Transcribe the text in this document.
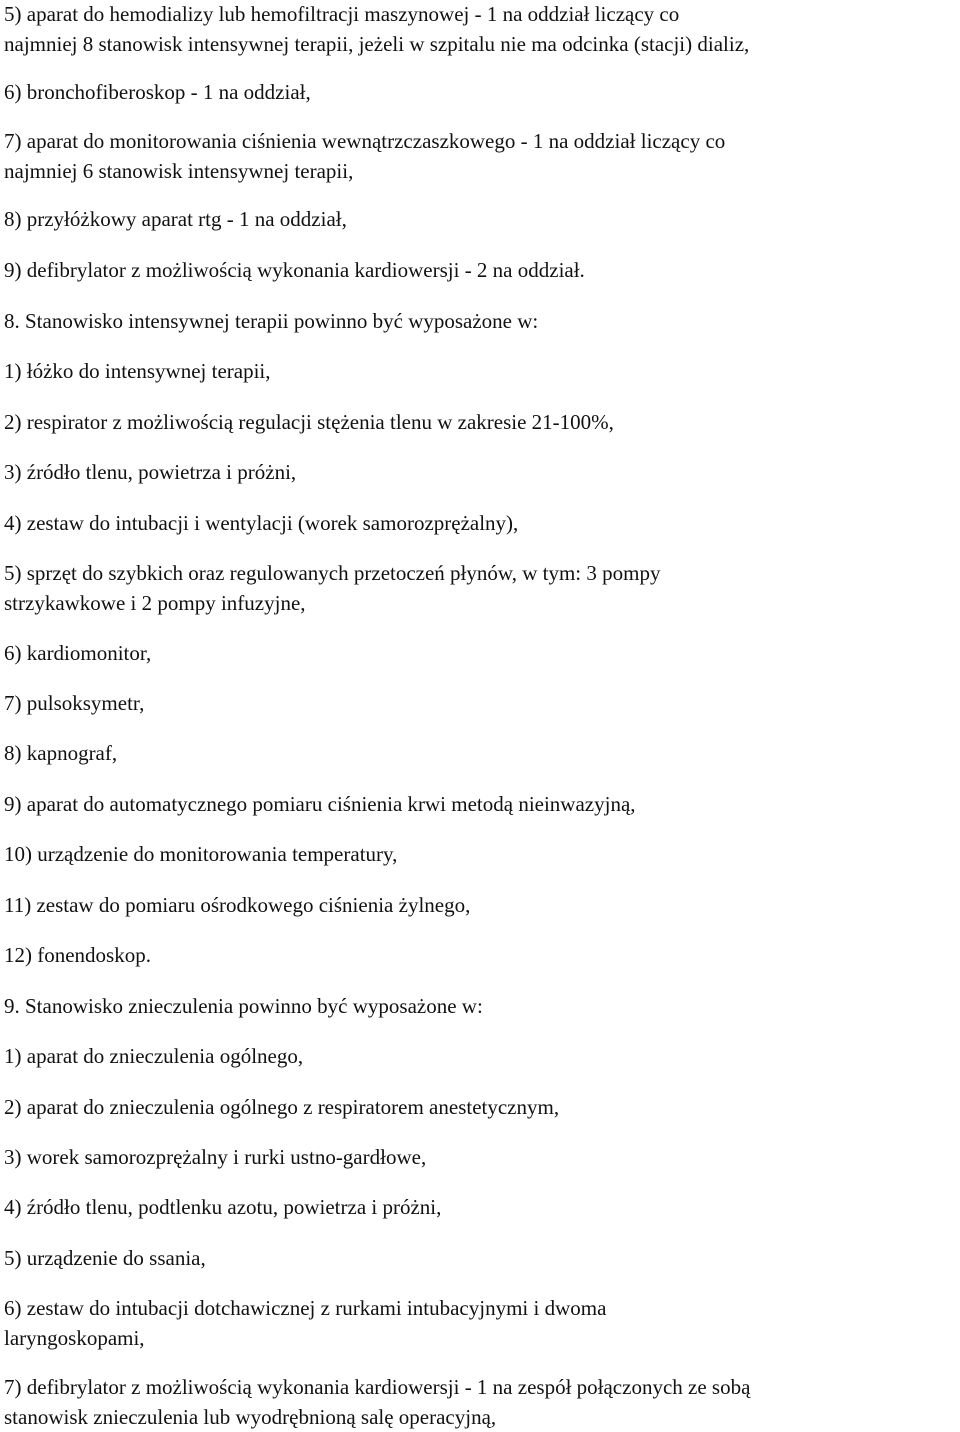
5) aparat do hemodializy lub hemofiltracji maszynowej - 1 na oddział liczący co
najmniej 8 stanowisk intensywnej terapii, jeżeli w szpitalu nie ma odcinka (stacji) dializ,

6) bronchofiberoskop - 1 na oddział,

7) aparat do monitorowania ciśnienia wewnątrzczaszkowego - 1 na oddział liczący co
najmniej 6 stanowisk intensywnej terapii,

8) przyłóżkowy aparat rtg - 1 na oddział,

9) defibrylator z możliwością wykonania kardiowersji - 2 na oddział.

8. Stanowisko intensywnej terapii powinno być wyposażone w:

1) łóżko do intensywnej terapii,

2) respirator z możliwością regulacji stężenia tlenu w zakresie 21-100%,

3) źródło tlenu, powietrza i próżni,

4) zestaw do intubacji i wentylacji (worek samorozprężalny),

5) sprzęt do szybkich oraz regulowanych przetoczeń płynów, w tym: 3 pompy
strzykawkowe i 2 pompy infuzyjne,

6) kardiomonitor,

7) pulsoksymetr,

8) kapnograf,

9) aparat do automatycznego pomiaru ciśnienia krwi metodą nieinwazyjną,

10) urządzenie do monitorowania temperatury,

11) zestaw do pomiaru ośrodkowego ciśnienia żylnego,

12) fonendoskop.

9. Stanowisko znieczulenia powinno być wyposażone w:

1) aparat do znieczulenia ogólnego,

2) aparat do znieczulenia ogólnego z respiratorem anestetycznym,

3) worek samorozprężalny i rurki ustno-gardłowe,

4) źródło tlenu, podtlenku azotu, powietrza i próżni,

5) urządzenie do ssania,

6) zestaw do intubacji dotchawicznej z rurkami intubacyjnymi i dwoma
laryngoskopami,

7) defibrylator z możliwością wykonania kardiowersji - 1 na zespół połączonych ze sobą
stanowisk znieczulenia lub wyodrębnioną salę operacyjną,
